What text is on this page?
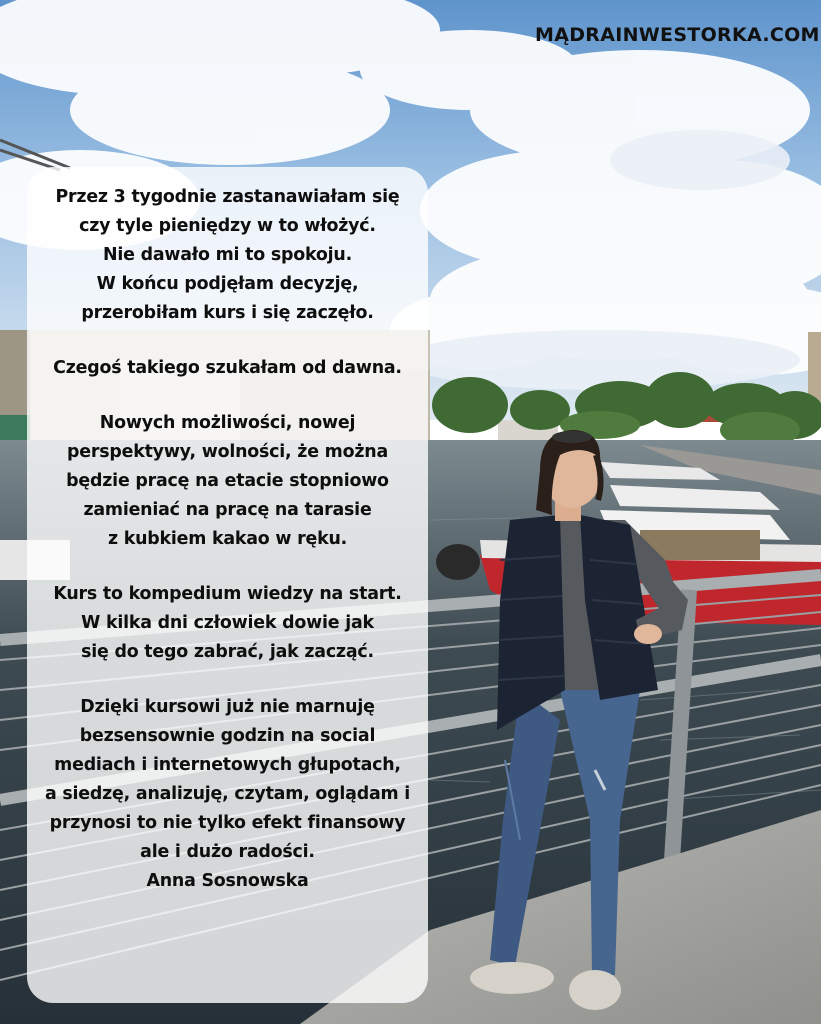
MĄDRAINWESTORKA.COM

Przez 3 tygodnie zastanawiałam się
czy tyle pieniędzy w to włożyć.
Nie dawało mi to spokoju.
W końcu podjęłam decyzję,
przerobiłam kurs i się zaczęło.

Czegoś takiego szukałam od dawna.

Nowych możliwości, nowej
perspektywy, wolności, że można
będzie pracę na etacie stopniowo
zamieniać na pracę na tarasie
z kubkiem kakao w ręku.

Kurs to kompedium wiedzy na start.
W kilka dni człowiek dowie jak
się do tego zabrać, jak zacząć.

Dzięki kursowi już nie marnuję
bezsensownie godzin na social
mediach i internetowych głupotach,
a siedzę, analizuję, czytam, oglądam i
przynosi to nie tylko efekt finansowy
ale i dużo radości.
Anna Sosnowska
